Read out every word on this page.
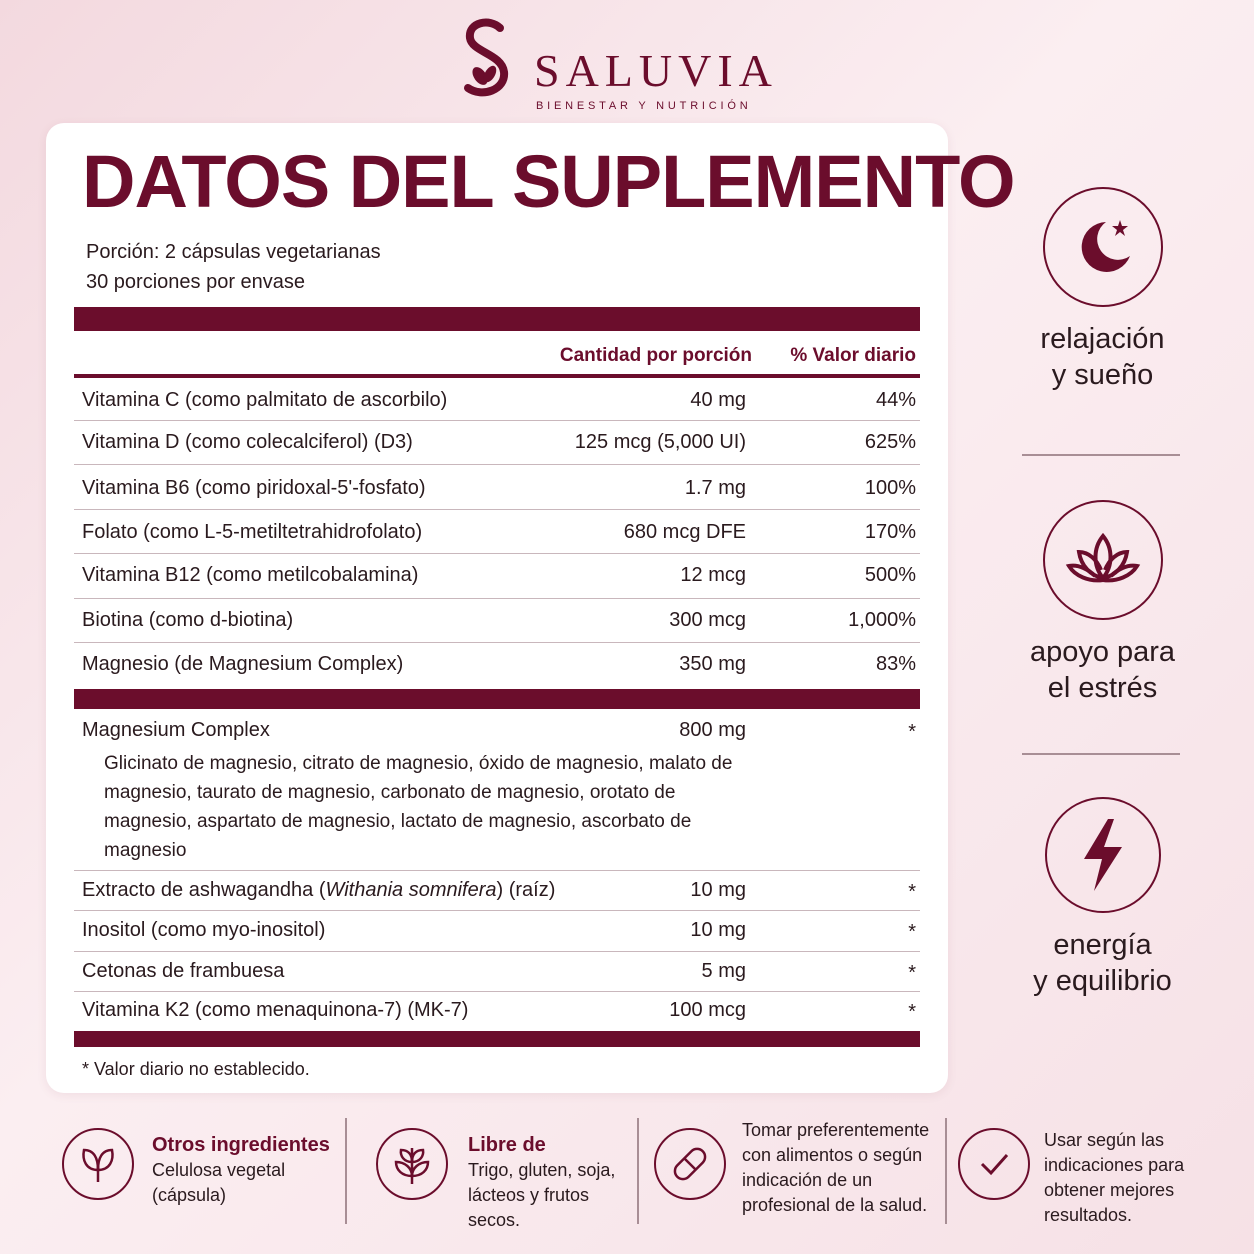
SALUVIA
BIENESTAR Y NUTRICIÓN
DATOS DEL SUPLEMENTO
Porción: 2 cápsulas vegetarianas
30 porciones por envase
Cantidad por porción % Valor diario
Vitamina C (como palmitato de ascorbilo)	40 mg	44%
Vitamina D (como colecalciferol) (D3)	125 mcg (5,000 UI)	625%
Vitamina B6 (como piridoxal-5'-fosfato)	1.7 mg	100%
Folato (como L-5-metiltetrahidrofolato)	680 mcg DFE	170%
Vitamina B12 (como metilcobalamina)	12 mcg	500%
Biotina (como d-biotina)	300 mcg	1,000%
Magnesio (de Magnesium Complex)	350 mg	83%
Magnesium Complex	800 mg	*
Glicinato de magnesio, citrato de magnesio, óxido de magnesio, malato de magnesio, taurato de magnesio, carbonato de magnesio, orotato de magnesio, aspartato de magnesio, lactato de magnesio, ascorbato de magnesio
Extracto de ashwagandha (Withania somnifera) (raíz)	10 mg	*
Inositol (como myo-inositol)	10 mg	*
Cetonas de frambuesa	5 mg	*
Vitamina K2 (como menaquinona-7) (MK-7)	100 mcg	*
* Valor diario no establecido.
relajación
y sueño
apoyo para
el estrés
energía
y equilibrio
Otros ingredientes
Celulosa vegetal
(cápsula)
Libre de
Trigo, gluten, soja,
lácteos y frutos secos.
Tomar preferentemente
con alimentos o según
indicación de un
profesional de la salud.
Usar según las
indicaciones para
obtener mejores
resultados.
